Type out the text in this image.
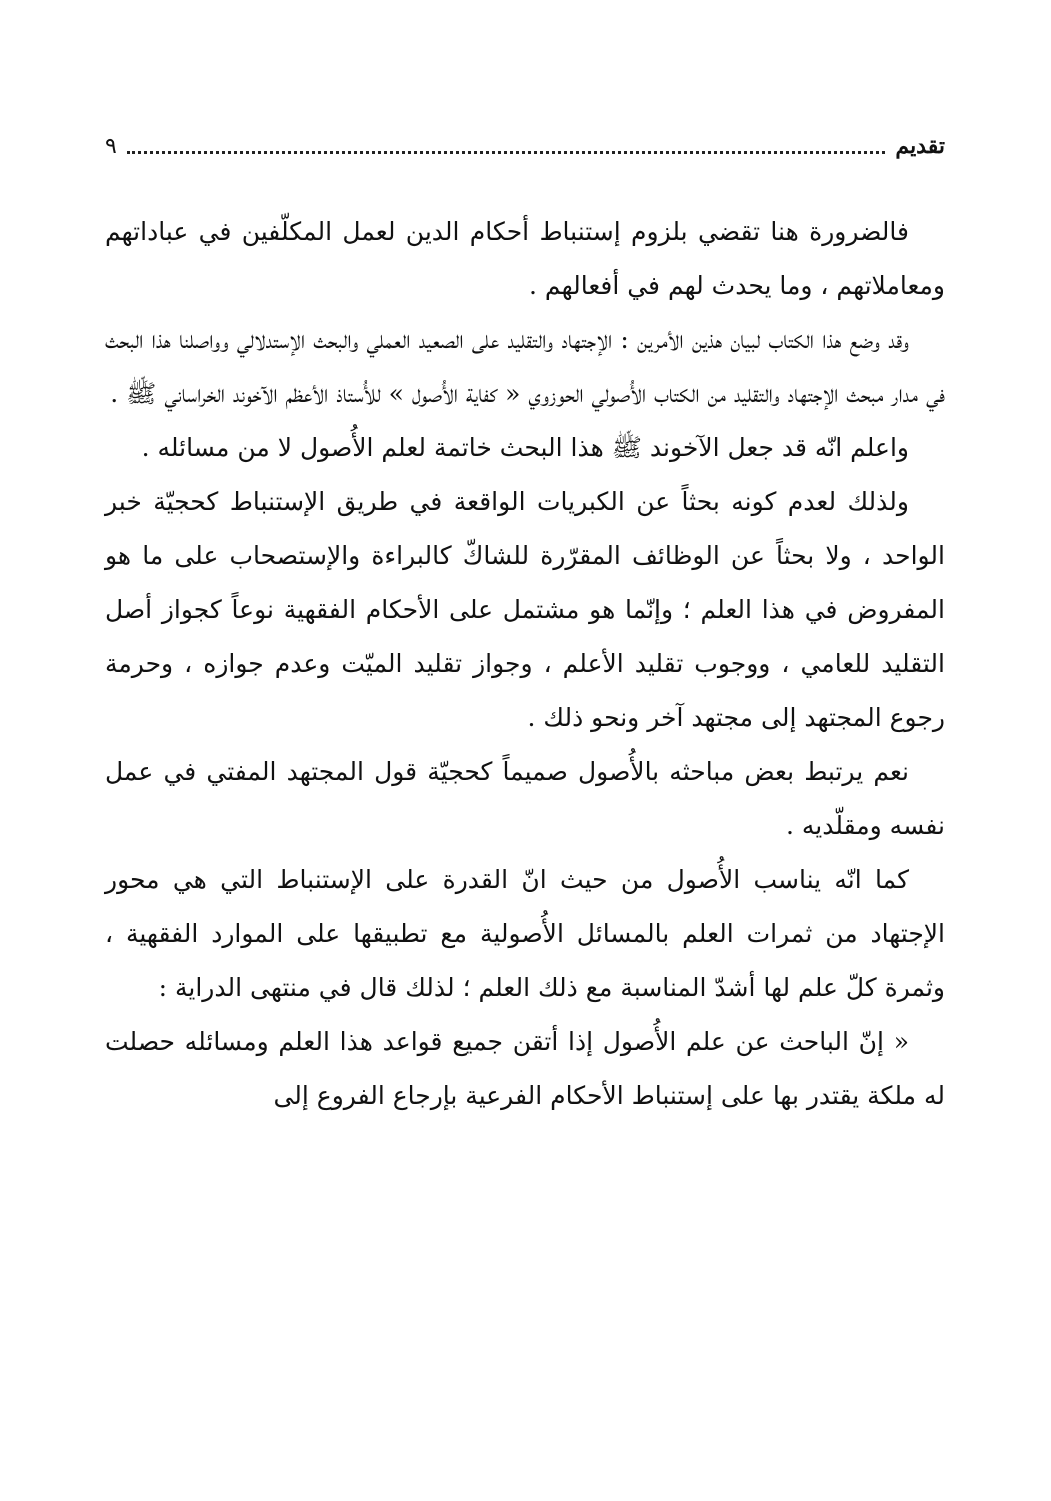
تقديم
٩

فالضرورة هنا تقضي بلزوم إستنباط أحكام الدين لعمل المكلّفين في عباداتهم ومعاملاتهم ، وما يحدث لهم في أفعالهم .

وقد وضع هذا الكتاب لبيان هذين الأمرين : الإجتهاد والتقليد على الصعيد العملي والبحث الإستدلالي وواصلنا هذا البحث في مدار مبحث الإجتهاد والتقليد من الكتاب الأُصولي الحوزوي « كفاية الأُصول » للأُستاذ الأعظم الآخوند الخراساني ﷺ .

واعلم انّه قد جعل الآخوند ﷺ هذا البحث خاتمة لعلم الأُصول لا من مسائله .

ولذلك لعدم كونه بحثاً عن الكبريات الواقعة في طريق الإستنباط كحجيّة خبر الواحد ، ولا بحثاً عن الوظائف المقرّرة للشاكّ كالبراءة والإستصحاب على ما هو المفروض في هذا العلم ؛ وإنّما هو مشتمل على الأحكام الفقهية نوعاً كجواز أصل التقليد للعامي ، ووجوب تقليد الأعلم ، وجواز تقليد الميّت وعدم جوازه ، وحرمة رجوع المجتهد إلى مجتهد آخر ونحو ذلك .

نعم يرتبط بعض مباحثه بالأُصول صميماً كحجيّة قول المجتهد المفتي في عمل نفسه ومقلّديه .

كما انّه يناسب الأُصول من حيث انّ القدرة على الإستنباط التي هي محور الإجتهاد من ثمرات العلم بالمسائل الأُصولية مع تطبيقها على الموارد الفقهية ، وثمرة كلّ علم لها أشدّ المناسبة مع ذلك العلم ؛ لذلك قال في منتهى الدراية :

« إنّ الباحث عن علم الأُصول إذا أتقن جميع قواعد هذا العلم ومسائله حصلت له ملكة يقتدر بها على إستنباط الأحكام الفرعية بإرجاع الفروع إلى
